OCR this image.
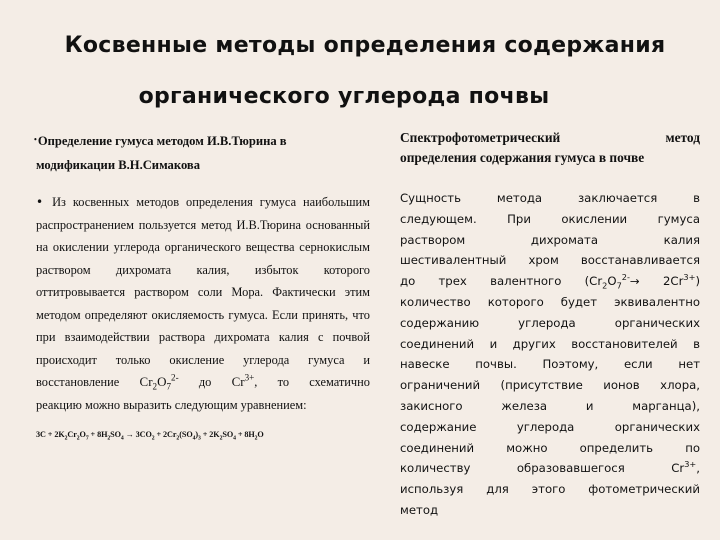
Косвенные методы определения содержания
органического углерода почвы
•Определение гумуса методом И.В.Тюрина в
модификации В.Н.Симакова
• Из косвенных методов определения гумуса наибольшим распространением пользуется метод И.В.Тюрина основанный на окислении углерода органического вещества сернокислым раствором дихромата калия, избыток которого оттитровывается раствором соли Мора. Фактически этим методом определяют окисляемость гумуса. Если принять, что при взаимодействии раствора дихромата калия с почвой происходит только окисление углерода гумуса и восстановление $Cr_2O_7^{2-}$ до $Cr^{3+}$, то схематично
реакцию можно выразить следующим уравнением:
$3С + 2K_2Cr_2O_7 + 8H_2SO_4 \to 3СO_2 + 2Cr_2(SO_4)_3 + 2K_2SO_4 + 8H_2O$
Спектрофотометрический метод
определения содержания гумуса в почве
Сущность метода заключается в
следующем. При окислении гумуса
раствором дихромата калия
шестивалентный хром восстанавливается
до трех валентного $(Cr_2O_7^{2-}\to 2Cr^{3+})$
количество которого будет эквивалентно
содержанию углерода органических
соединений и других восстановителей в
навеске почвы. Поэтому, если нет
ограничений (присутствие ионов хлора,
закисного железа и марганца),
содержание углерода органических
соединений можно определить по
количеству образовавшегося	$Cr^{3+}$,
используя для этого фотометрический
метод
